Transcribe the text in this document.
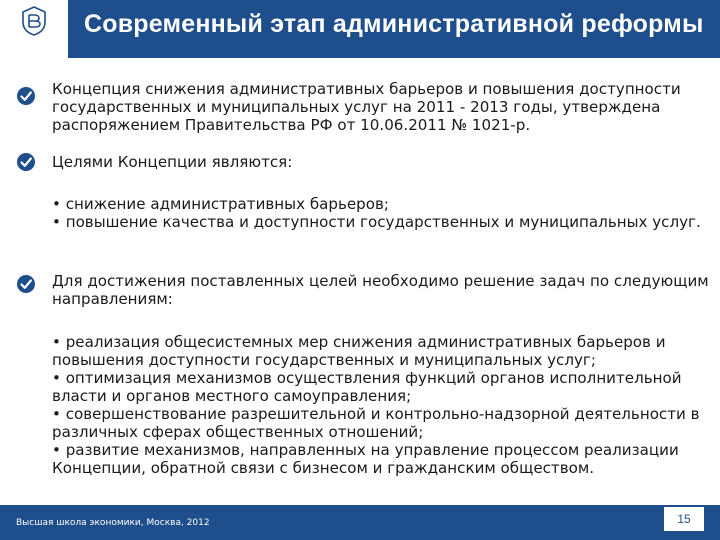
Современный этап административной реформы
Концепция снижения административных барьеров и повышения доступности государственных и муниципальных услуг на 2011 - 2013 годы, утверждена распоряжением Правительства РФ от 10.06.2011 № 1021-р.
Целями Концепции являются:

• снижение административных барьеров;

• повышение качества и доступности государственных и муниципальных услуг.

Для достижения поставленных целей необходимо решение задач по следующим направлениям:

• реализация общесистемных мер снижения административных барьеров и повышения доступности государственных и муниципальных услуг;

• оптимизация механизмов осуществления функций органов исполнительной власти и органов местного самоуправления;

• совершенствование разрешительной и контрольно-надзорной деятельности в различных сферах общественных отношений;

• развитие механизмов, направленных на управление процессом реализации Концепции, обратной связи с бизнесом и гражданским обществом.

Высшая школа экономики, Москва, 2012	15
